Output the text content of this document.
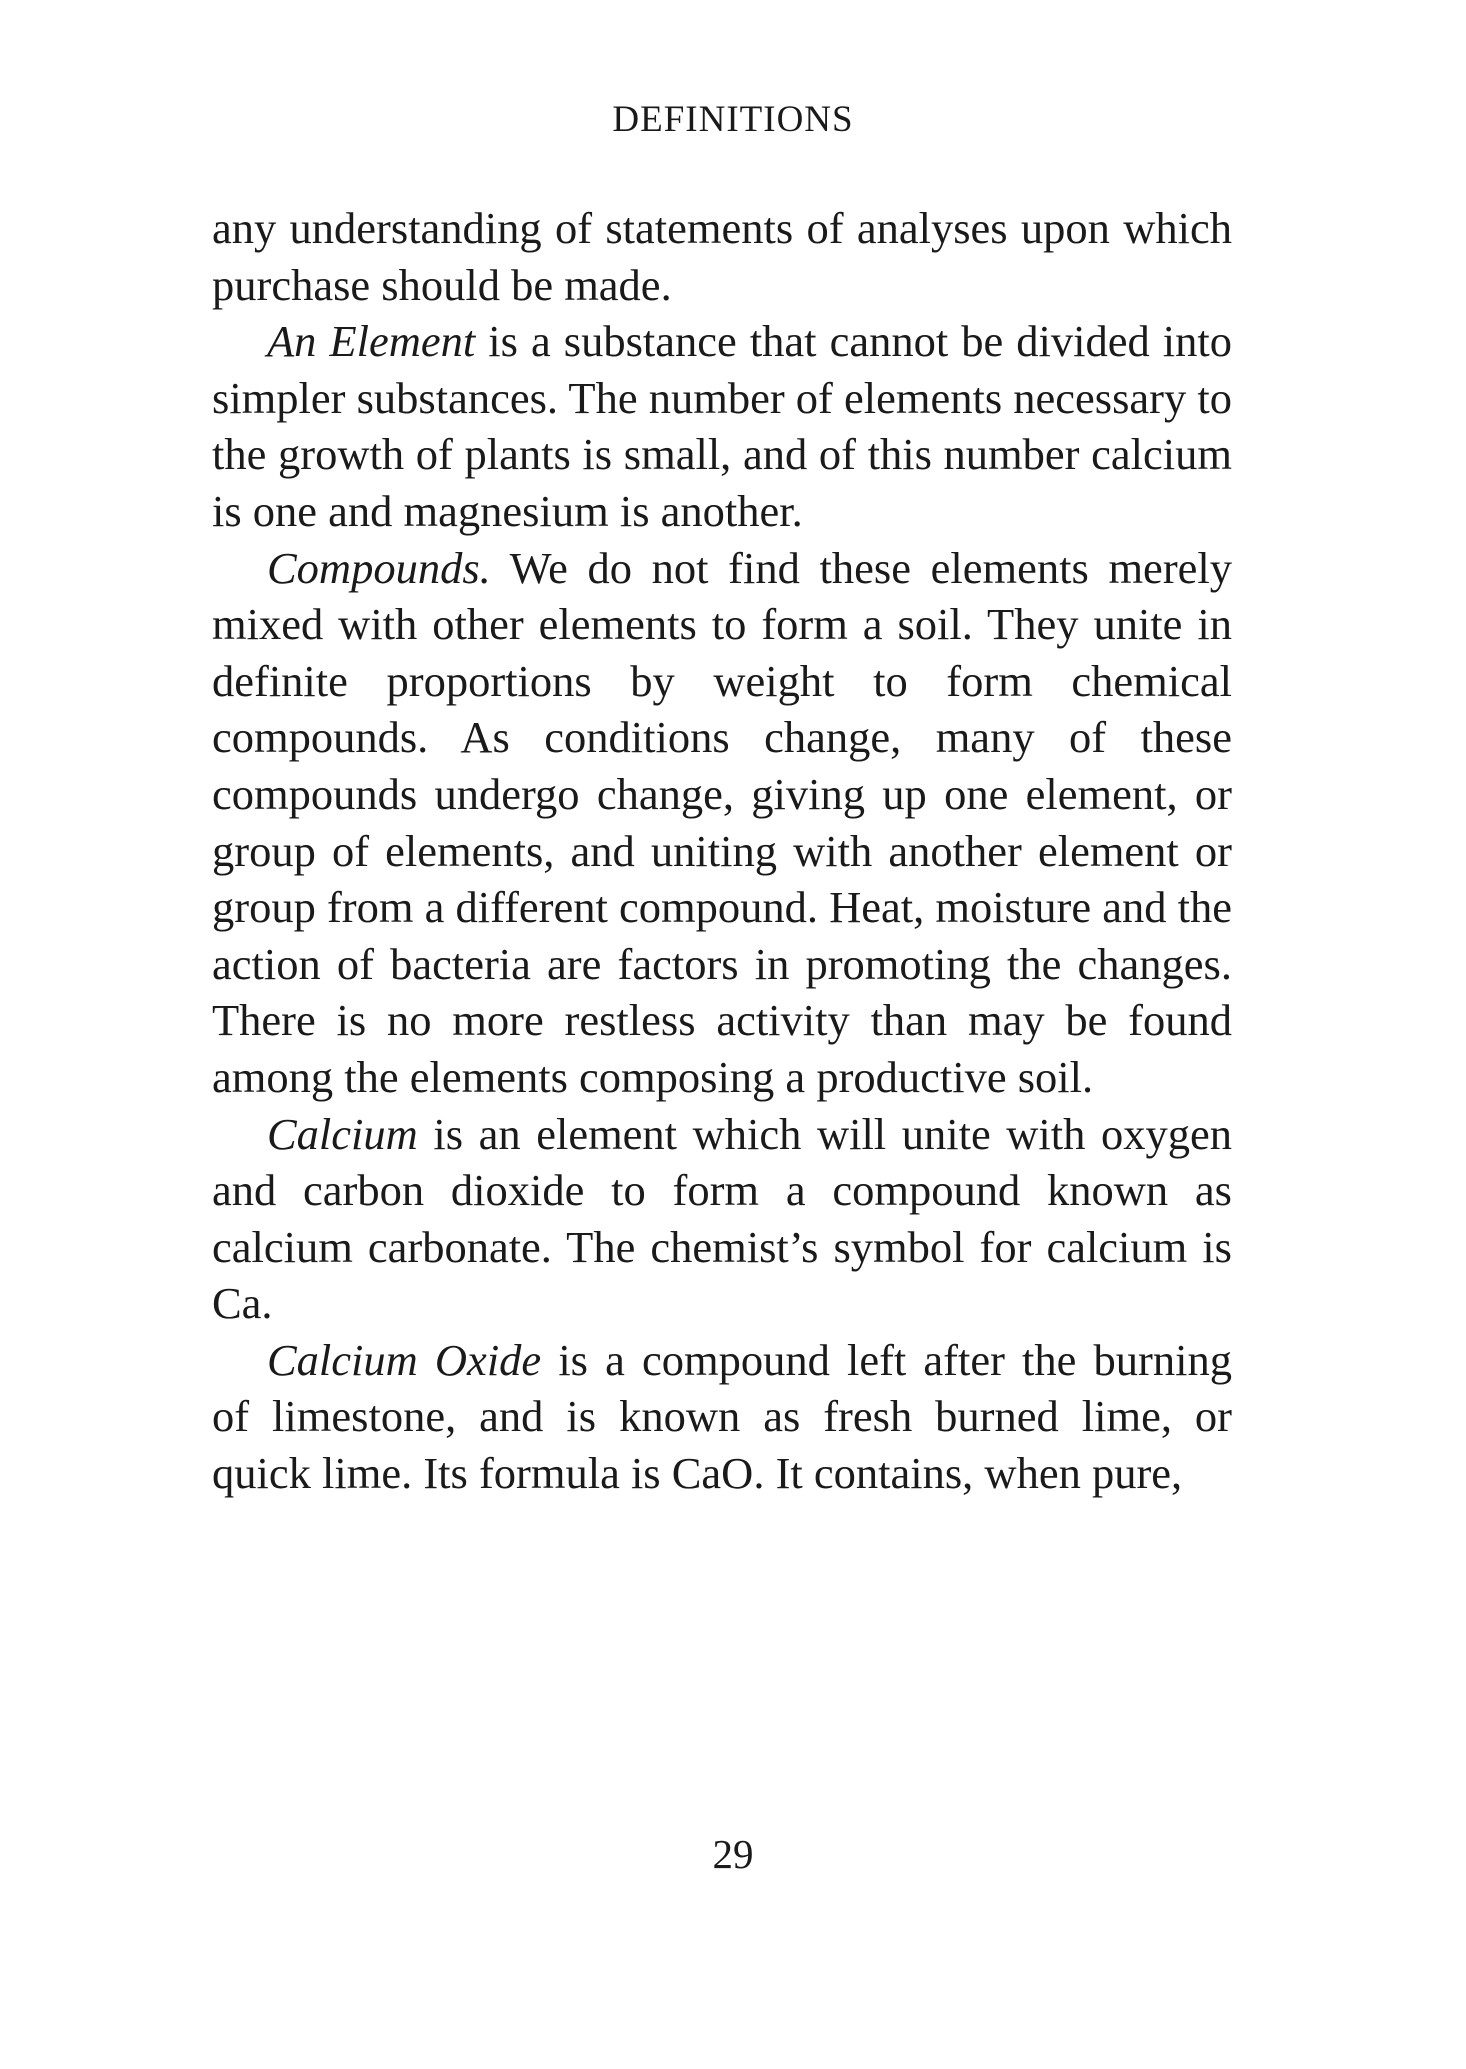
DEFINITIONS

any understanding of statements of analyses upon which purchase should be made.

An Element is a substance that cannot be divided into simpler substances. The number of elements necessary to the growth of plants is small, and of this number calcium is one and magnesium is another.

Compounds. We do not find these elements merely mixed with other elements to form a soil. They unite in definite proportions by weight to form chemical compounds. As conditions change, many of these compounds undergo change, giving up one element, or group of elements, and uniting with another element or group from a different compound. Heat, moisture and the action of bacteria are factors in promoting the changes. There is no more restless activity than may be found among the elements composing a productive soil.

Calcium is an element which will unite with oxygen and carbon dioxide to form a compound known as calcium carbonate. The chemist’s symbol for calcium is Ca.

Calcium Oxide is a compound left after the burning of limestone, and is known as fresh burned lime, or quick lime. Its formula is CaO. It contains, when pure,

29
